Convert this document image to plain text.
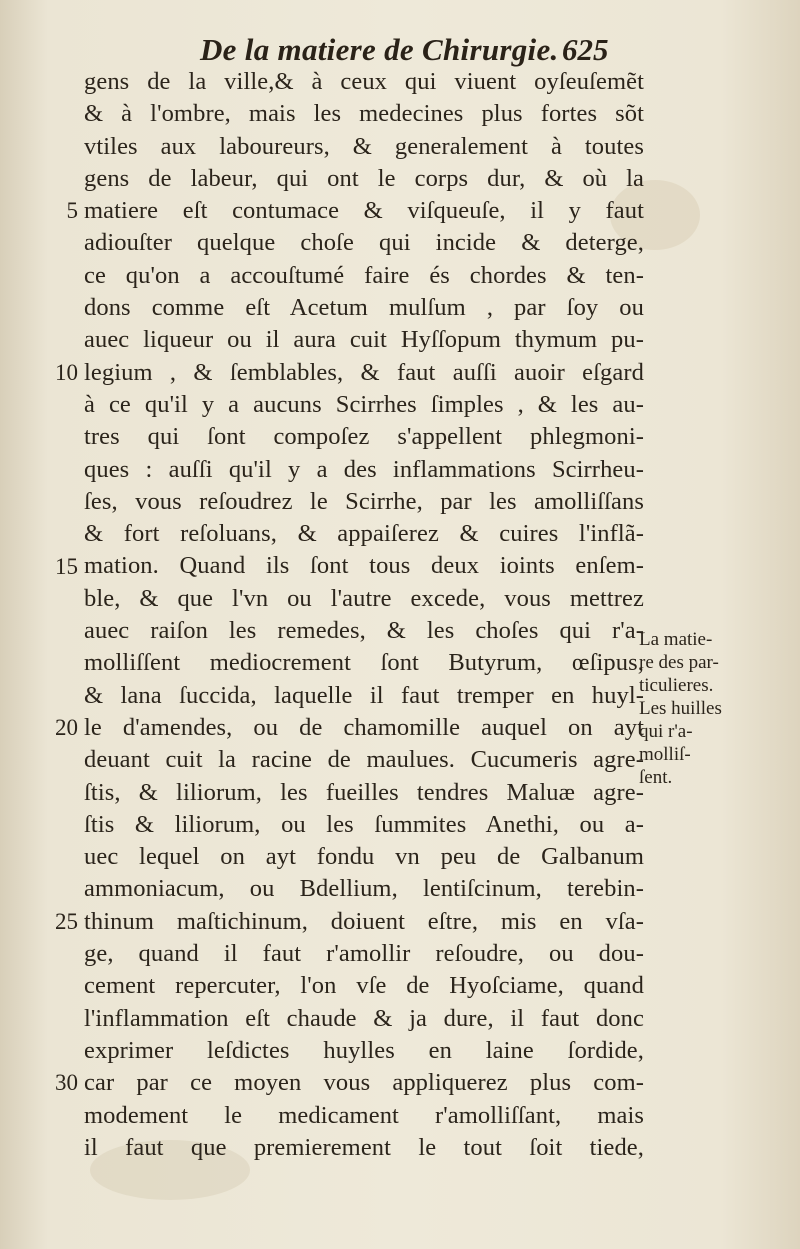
De la matiere de Chirurgie. 625
5
10
15
20
25
30
gens de la ville,& à ceux qui viuent oyſeuſemẽt
& à l'ombre, mais les medecines plus fortes sõt
vtiles aux laboureurs, & generalement à toutes
gens de labeur, qui ont le corps dur, & où la
matiere eſt contumace & viſqueuſe, il y faut
adiouſter quelque choſe qui incide & deterge,
ce qu'on a accouſtumé faire és chordes & ten-
dons comme eſt Acetum mulſum , par ſoy ou
auec liqueur ou il aura cuit Hyſſopum thymum pu-
legium , & ſemblables, & faut auſſi auoir eſgard
à ce qu'il y a aucuns Scirrhes ſimples , & les au-
tres qui ſont compoſez s'appellent phlegmoni-
ques : auſſi qu'il y a des inflammations Scirrheu-
ſes, vous reſoudrez le Scirrhe, par les amolliſſans
& fort reſoluans, & appaiſerez & cuires l'inflã-
mation. Quand ils ſont tous deux ioints enſem-
ble, & que l'vn ou l'autre excede, vous mettrez
auec raiſon les remedes, & les choſes qui r'a-
molliſſent mediocrement ſont Butyrum, œſipus,
& lana ſuccida, laquelle il faut tremper en huyl-
le d'amendes, ou de chamomille auquel on ayt
deuant cuit la racine de maulues. Cucumeris agre-
ſtis, & liliorum, les fueilles tendres Maluæ agre-
ſtis & liliorum, ou les ſummites Anethi, ou a-
uec lequel on ayt fondu vn peu de Galbanum
ammoniacum, ou Bdellium, lentiſcinum, terebin-
thinum maſtichinum, doiuent eſtre, mis en vſa-
ge, quand il faut r'amollir reſoudre, ou dou-
cement repercuter, l'on vſe de Hyoſciame, quand
l'inflammation eſt chaude & ja dure, il faut donc
exprimer leſdictes huylles en laine ſordide,
car par ce moyen vous appliquerez plus com-
modement le medicament r'amolliſſant, mais
il faut que premierement le tout ſoit tiede,
La matie-
re des par-
ticulieres.
Les huilles
qui r'a-
molliſ-
ſent.
